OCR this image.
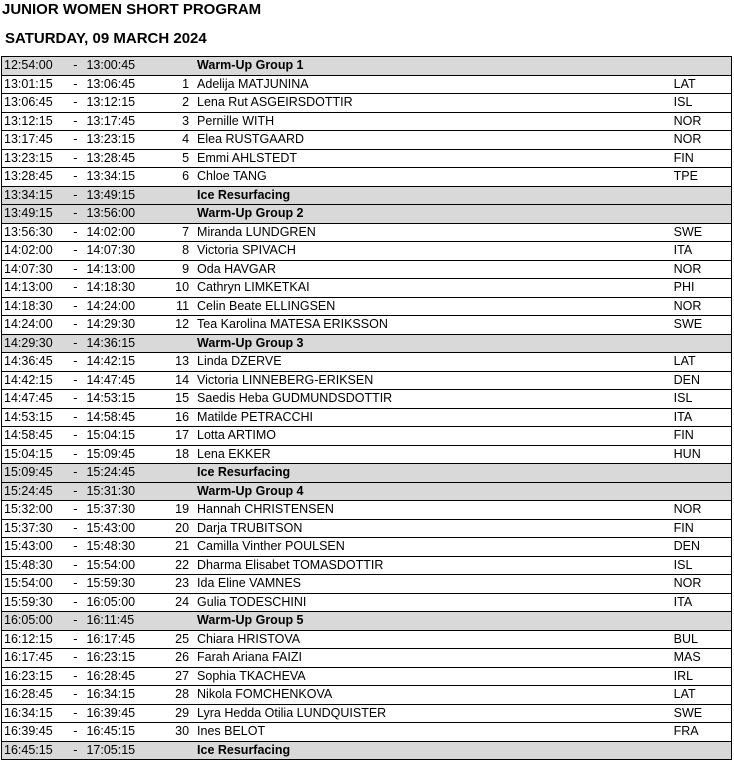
JUNIOR WOMEN SHORT PROGRAM
SATURDAY, 09 MARCH 2024
12:54:00	-	13:00:45		Warm-Up Group 1	
13:01:15	-	13:06:45	1	Adelija MATJUNINA	LAT
13:06:45	-	13:12:15	2	Lena Rut ASGEIRSDOTTIR	ISL
13:12:15	-	13:17:45	3	Pernille WITH	NOR
13:17:45	-	13:23:15	4	Elea RUSTGAARD	NOR
13:23:15	-	13:28:45	5	Emmi AHLSTEDT	FIN
13:28:45	-	13:34:15	6	Chloe TANG	TPE
13:34:15	-	13:49:15		Ice Resurfacing	
13:49:15	-	13:56:00		Warm-Up Group 2	
13:56:30	-	14:02:00	7	Miranda LUNDGREN	SWE
14:02:00	-	14:07:30	8	Victoria SPIVACH	ITA
14:07:30	-	14:13:00	9	Oda HAVGAR	NOR
14:13:00	-	14:18:30	10	Cathryn LIMKETKAI	PHI
14:18:30	-	14:24:00	11	Celin Beate ELLINGSEN	NOR
14:24:00	-	14:29:30	12	Tea Karolina MATESA ERIKSSON	SWE
14:29:30	-	14:36:15		Warm-Up Group 3	
14:36:45	-	14:42:15	13	Linda DZERVE	LAT
14:42:15	-	14:47:45	14	Victoria LINNEBERG-ERIKSEN	DEN
14:47:45	-	14:53:15	15	Saedis Heba GUDMUNDSDOTTIR	ISL
14:53:15	-	14:58:45	16	Matilde PETRACCHI	ITA
14:58:45	-	15:04:15	17	Lotta ARTIMO	FIN
15:04:15	-	15:09:45	18	Lena EKKER	HUN
15:09:45	-	15:24:45		Ice Resurfacing	
15:24:45	-	15:31:30		Warm-Up Group 4	
15:32:00	-	15:37:30	19	Hannah CHRISTENSEN	NOR
15:37:30	-	15:43:00	20	Darja TRUBITSON	FIN
15:43:00	-	15:48:30	21	Camilla Vinther POULSEN	DEN
15:48:30	-	15:54:00	22	Dharma Elisabet TOMASDOTTIR	ISL
15:54:00	-	15:59:30	23	Ida Eline VAMNES	NOR
15:59:30	-	16:05:00	24	Gulia TODESCHINI	ITA
16:05:00	-	16:11:45		Warm-Up Group 5	
16:12:15	-	16:17:45	25	Chiara HRISTOVA	BUL
16:17:45	-	16:23:15	26	Farah Ariana FAIZI	MAS
16:23:15	-	16:28:45	27	Sophia TKACHEVA	IRL
16:28:45	-	16:34:15	28	Nikola FOMCHENKOVA	LAT
16:34:15	-	16:39:45	29	Lyra Hedda Otilia LUNDQUISTER	SWE
16:39:45	-	16:45:15	30	Ines BELOT	FRA
16:45:15	-	17:05:15		Ice Resurfacing	
